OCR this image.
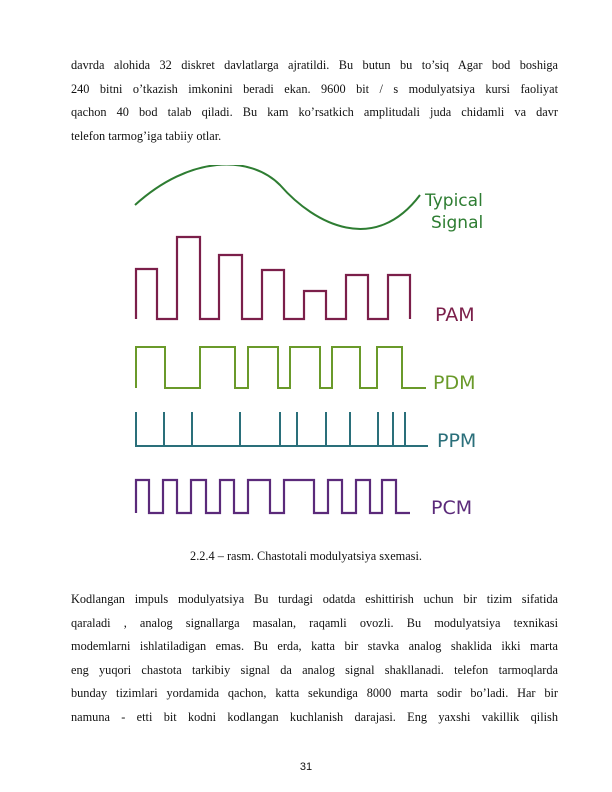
davrda alohida 32 diskret davlatlarga ajratildi. Bu butun bu to’siq Agar bod boshiga
240 bitni o’tkazish imkonini beradi ekan. 9600 bit / s modulyatsiya kursi faoliyat
qachon 40 bod talab qiladi. Bu kam ko’rsatkich amplitudali juda chidamli va davr
telefon tarmog’iga tabiiy otlar.
Typical
Signal
PAM
PDM
PPM
PCM
2.2.4 – rasm. Chastotali modulyatsiya sxemasi.
Kodlangan impuls modulyatsiya Bu turdagi odatda eshittirish uchun bir tizim sifatida
qaraladi , analog signallarga masalan, raqamli ovozli. Bu modulyatsiya texnikasi
modemlarni ishlatiladigan emas. Bu erda, katta bir stavka analog shaklida ikki marta
eng yuqori chastota tarkibiy signal da analog signal shakllanadi. telefon tarmoqlarda
bunday tizimlari yordamida qachon, katta sekundiga 8000 marta sodir bo’ladi. Har bir
namuna - etti bit kodni kodlangan kuchlanish darajasi. Eng yaxshi vakillik qilish
31
